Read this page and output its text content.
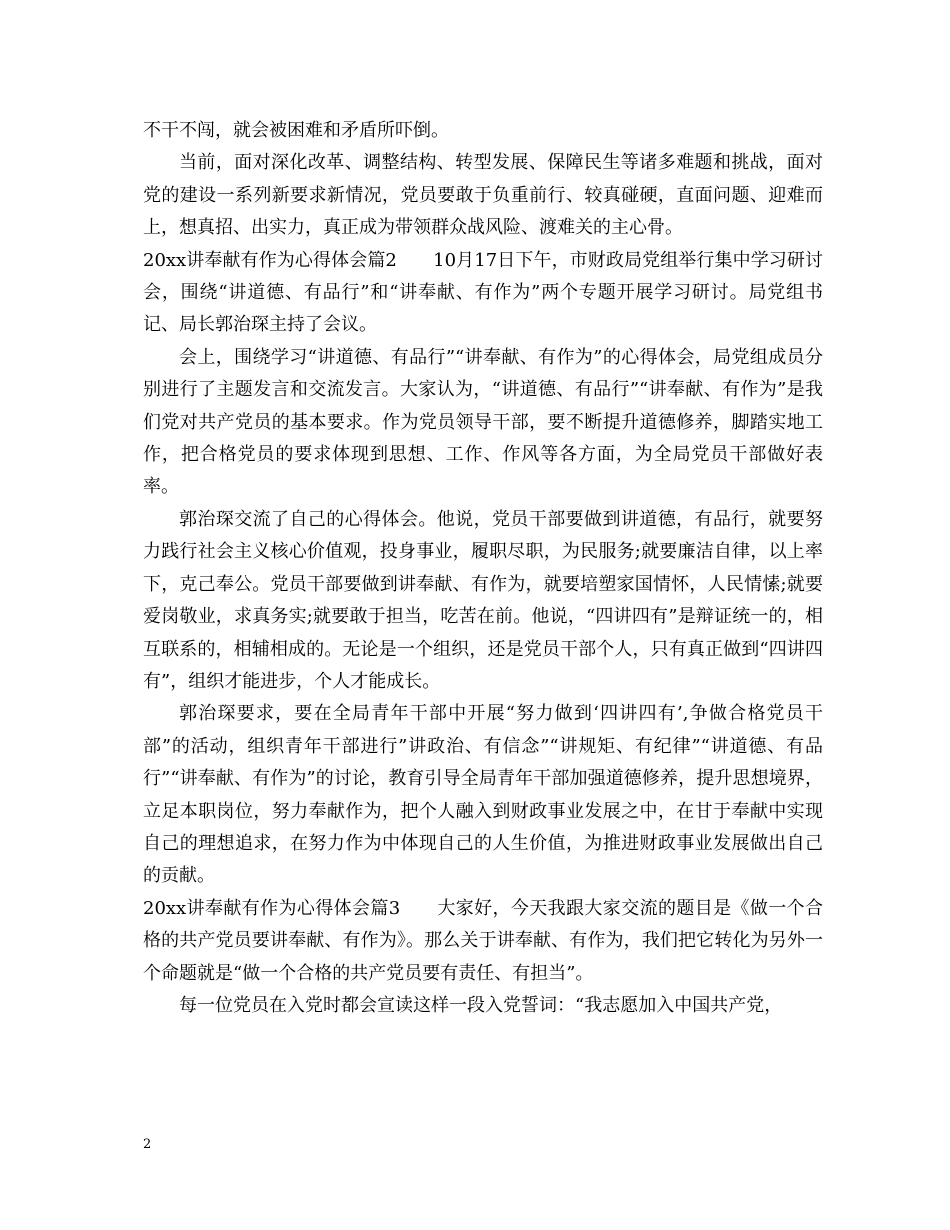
不干不闯，就会被困难和矛盾所吓倒。

当前，面对深化改革、调整结构、转型发展、保障民生等诸多难题和挑战，面对党的建设一系列新要求新情况，党员要敢于负重前行、较真碰硬，直面问题、迎难而上，想真招、出实力，真正成为带领群众战风险、渡难关的主心骨。

20xx讲奉献有作为心得体会篇2　　10月17日下午，市财政局党组举行集中学习研讨会，围绕“讲道德、有品行”和“讲奉献、有作为”两个专题开展学习研讨。局党组书记、局长郭治琛主持了会议。

会上，围绕学习“讲道德、有品行”“讲奉献、有作为”的心得体会，局党组成员分别进行了主题发言和交流发言。大家认为，“讲道德、有品行”“讲奉献、有作为”是我们党对共产党员的基本要求。作为党员领导干部，要不断提升道德修养，脚踏实地工作，把合格党员的要求体现到思想、工作、作风等各方面，为全局党员干部做好表率。

郭治琛交流了自己的心得体会。他说，党员干部要做到讲道德，有品行，就要努力践行社会主义核心价值观，投身事业，履职尽职，为民服务;就要廉洁自律，以上率下，克己奉公。党员干部要做到讲奉献、有作为，就要培塑家国情怀，人民情愫;就要爱岗敬业，求真务实;就要敢于担当，吃苦在前。他说，“四讲四有”是辩证统一的，相互联系的，相辅相成的。无论是一个组织，还是党员干部个人，只有真正做到“四讲四有”，组织才能进步，个人才能成长。

郭治琛要求，要在全局青年干部中开展“努力做到‘四讲四有’,争做合格党员干部”的活动，组织青年干部进行”讲政治、有信念”“讲规矩、有纪律”“讲道德、有品行”“讲奉献、有作为”的讨论，教育引导全局青年干部加强道德修养，提升思想境界，立足本职岗位，努力奉献作为，把个人融入到财政事业发展之中，在甘于奉献中实现自己的理想追求，在努力作为中体现自己的人生价值，为推进财政事业发展做出自己的贡献。

20xx讲奉献有作为心得体会篇3　　大家好，今天我跟大家交流的题目是《做一个合格的共产党员要讲奉献、有作为》。那么关于讲奉献、有作为，我们把它转化为另外一个命题就是“做一个合格的共产党员要有责任、有担当”。

每一位党员在入党时都会宣读这样一段入党誓词：“我志愿加入中国共产党，

2
